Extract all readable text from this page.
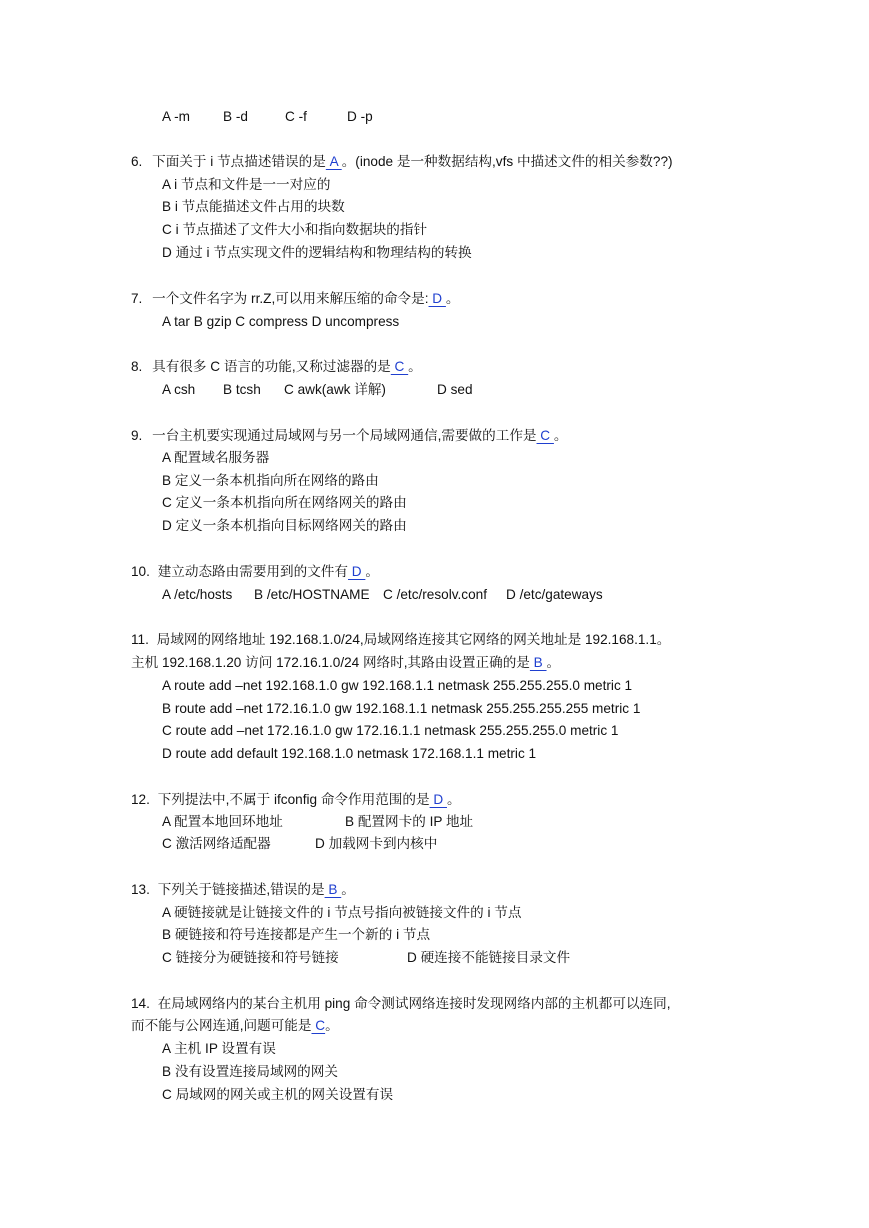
A -m B -d	C -f	D -p
6. 下面关于 i 节点描述错误的是 A 。(inode 是一种数据结构,vfs 中描述文件的相关参数??)
A i 节点和文件是一一对应的
B i 节点能描述文件占用的块数
C i 节点描述了文件大小和指向数据块的指针
D 通过 i 节点实现文件的逻辑结构和物理结构的转换
7. 一个文件名字为 rr.Z,可以用来解压缩的命令是: D 。
A tar B gzip C compress D uncompress
8. 具有很多 C 语言的功能,又称过滤器的是 C 。
A csh B tcsh C awk(awk 详解)	D sed
9. 一台主机要实现通过局域网与另一个局域网通信,需要做的工作是 C 。
A 配置域名服务器
B 定义一条本机指向所在网络的路由
C 定义一条本机指向所在网络网关的路由
D 定义一条本机指向目标网络网关的路由
10. 建立动态路由需要用到的文件有 D 。
A /etc/hosts B /etc/HOSTNAME C /etc/resolv.conf D /etc/gateways
11. 局域网的网络地址 192.168.1.0/24,局域网络连接其它网络的网关地址是 192.168.1.1。
主机 192.168.1.20 访问 172.16.1.0/24 网络时,其路由设置正确的是 B 。
A route add –net 192.168.1.0 gw 192.168.1.1 netmask 255.255.255.0 metric 1
B route add –net 172.16.1.0 gw 192.168.1.1 netmask 255.255.255.255 metric 1
C route add –net 172.16.1.0 gw 172.16.1.1 netmask 255.255.255.0 metric 1
D route add default 192.168.1.0 netmask 172.168.1.1 metric 1
12. 下列提法中,不属于 ifconfig 命令作用范围的是 D 。
A 配置本地回环地址	B 配置网卡的 IP 地址
C 激活网络适配器	D 加载网卡到内核中
13. 下列关于链接描述,错误的是 B 。
A 硬链接就是让链接文件的 i 节点号指向被链接文件的 i 节点
B 硬链接和符号连接都是产生一个新的 i 节点
C 链接分为硬链接和符号链接	D 硬连接不能链接目录文件
14. 在局域网络内的某台主机用 ping 命令测试网络连接时发现网络内部的主机都可以连同,
而不能与公网连通,问题可能是 C。
A 主机 IP 设置有误
B 没有设置连接局域网的网关
C 局域网的网关或主机的网关设置有误
